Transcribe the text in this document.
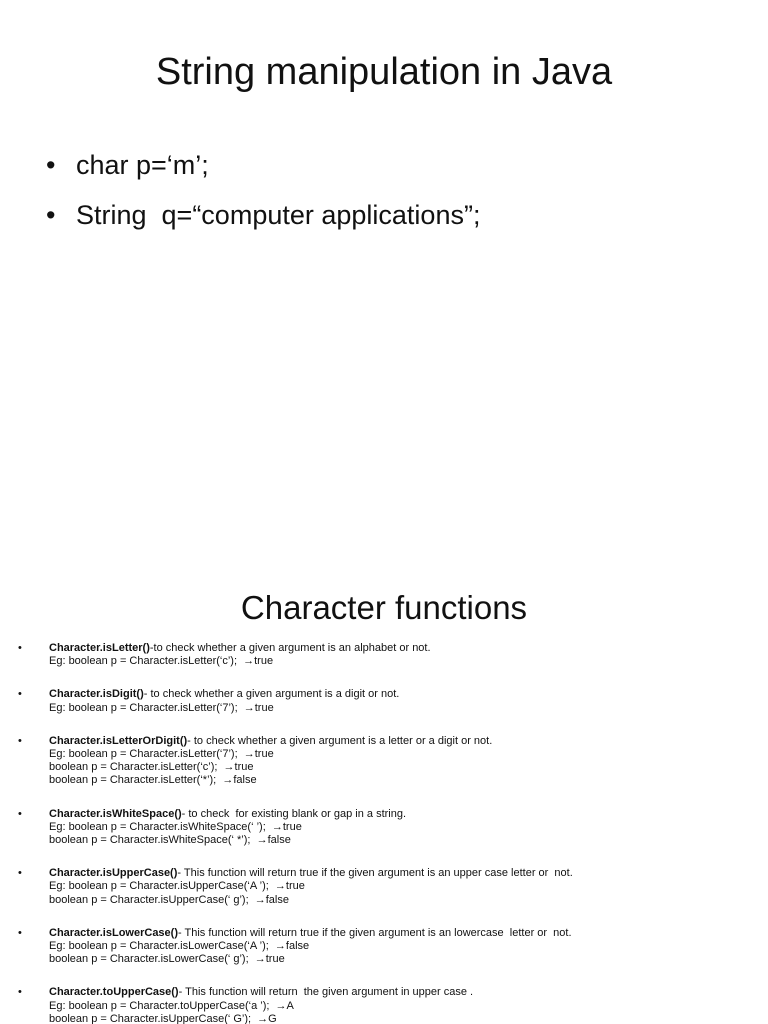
String manipulation in Java
• char p=‘m’;
• String  q=“computer applications”;
Character functions
• Character.isLetter()-to check whether a given argument is an alphabet or not.
Eg: boolean p = Character.isLetter(‘c’);  →true
• Character.isDigit()- to check whether a given argument is a digit or not.
Eg: boolean p = Character.isLetter(‘7’);  →true
• Character.isLetterOrDigit()- to check whether a given argument is a letter or a digit or not.
Eg: boolean p = Character.isLetter(‘7’);  →true
boolean p = Character.isLetter(‘c’);  →true
boolean p = Character.isLetter(‘*’);  →false
• Character.isWhiteSpace()- to check  for existing blank or gap in a string.
Eg: boolean p = Character.isWhiteSpace(‘ ’);  →true
boolean p = Character.isWhiteSpace(‘ *’);  →false
• Character.isUpperCase()- This function will return true if the given argument is an upper case letter or  not.
Eg: boolean p = Character.isUpperCase(‘A ’);  →true
boolean p = Character.isUpperCase(‘ g’);  →false
• Character.isLowerCase()- This function will return true if the given argument is an lowercase  letter or  not.
Eg: boolean p = Character.isLowerCase(‘A ’);  →false
boolean p = Character.isLowerCase(‘ g’);  →true
• Character.toUpperCase()- This function will return  the given argument in upper case .
Eg: boolean p = Character.toUpperCase(‘a ’);  →A
boolean p = Character.isUpperCase(‘ G’);  →G
